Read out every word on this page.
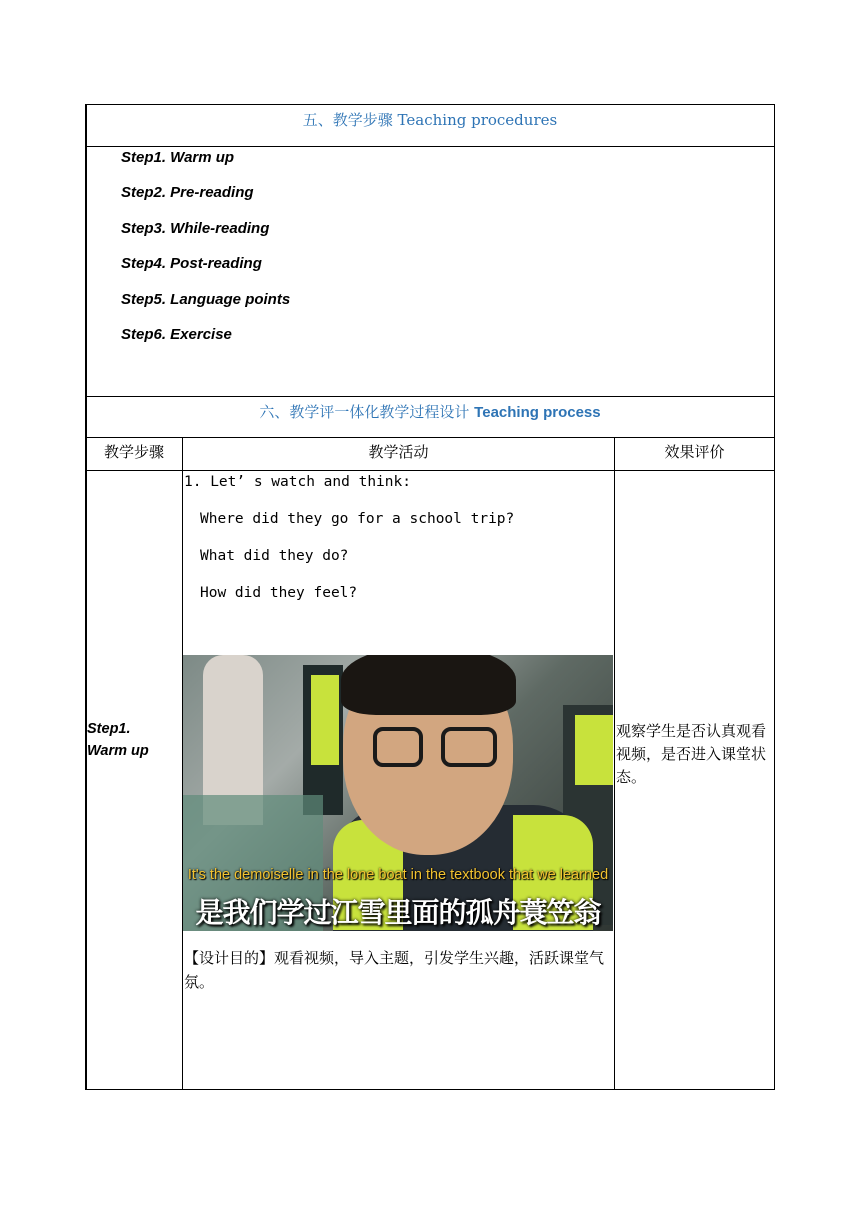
五、教学步骤 Teaching procedures
Step1. Warm up
Step2. Pre-reading
Step3. While-reading
Step4. Post-reading
Step5. Language points
Step6. Exercise
六、教学评一体化教学过程设计 Teaching process
教学步骤	教学活动	效果评价
Step1.
Warm up
1. Let’ s watch and think:
Where did they go for a school trip?
What did they do?
How did they feel?
It's the demoiselle in the lone boat in the textbook that we learned
是我们学过江雪里面的孤舟蓑笠翁
【设计目的】观看视频，导入主题，引发学生兴趣，活跃课堂气氛。
观察学生是否认真观看视频，是否进入课堂状态。
